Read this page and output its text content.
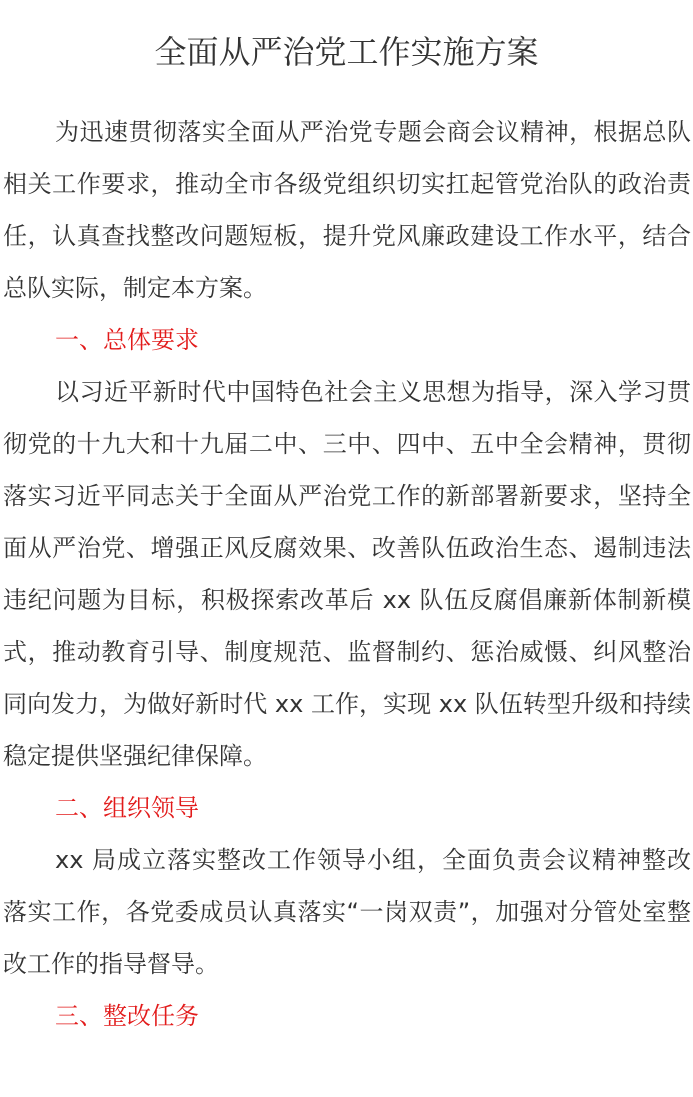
全面从严治党工作实施方案

为迅速贯彻落实全面从严治党专题会商会议精神，根据总队相关工作要求，推动全市各级党组织切实扛起管党治队的政治责任，认真查找整改问题短板，提升党风廉政建设工作水平，结合总队实际，制定本方案。

一、总体要求

以习近平新时代中国特色社会主义思想为指导，深入学习贯彻党的十九大和十九届二中、三中、四中、五中全会精神，贯彻落实习近平同志关于全面从严治党工作的新部署新要求，坚持全面从严治党、增强正风反腐效果、改善队伍政治生态、遏制违法违纪问题为目标，积极探索改革后 xx 队伍反腐倡廉新体制新模式，推动教育引导、制度规范、监督制约、惩治威慑、纠风整治同向发力，为做好新时代 xx 工作，实现 xx 队伍转型升级和持续稳定提供坚强纪律保障。

二、组织领导

xx 局成立落实整改工作领导小组，全面负责会议精神整改落实工作，各党委成员认真落实“一岗双责”，加强对分管处室整改工作的指导督导。

三、整改任务
